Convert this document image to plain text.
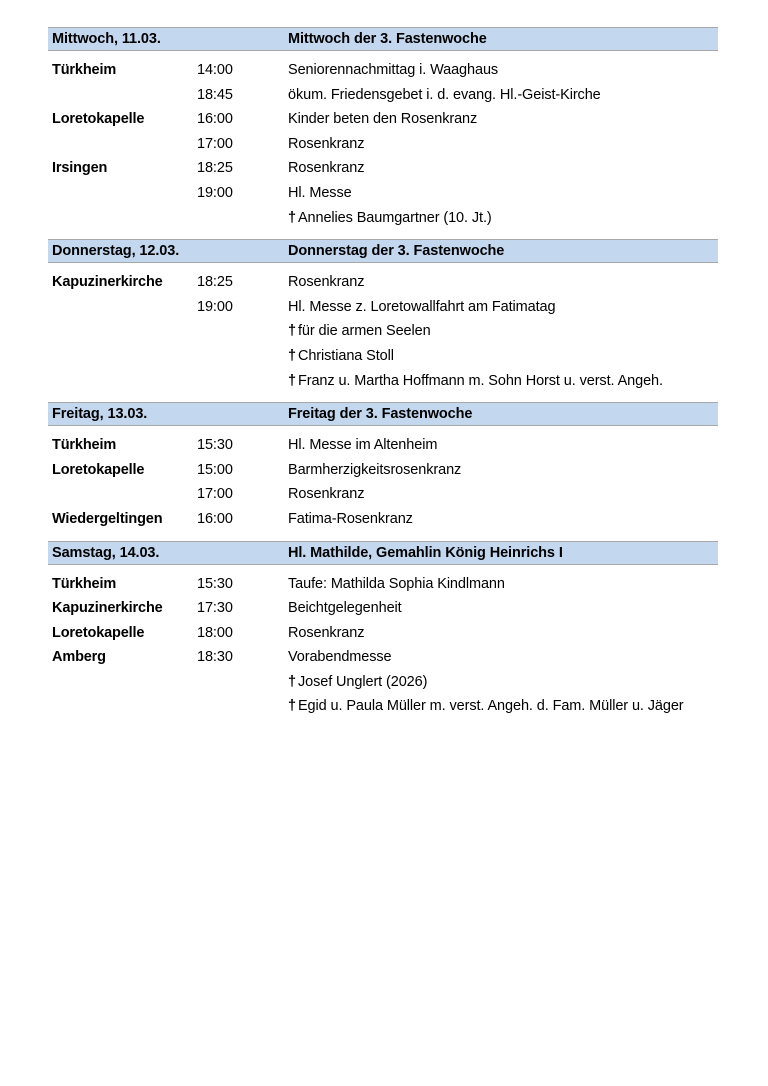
Mittwoch, 11.03.	Mittwoch der 3. Fastenwoche
Türkheim	14:00	Seniorennachmittag i. Waaghaus
18:45	ökum. Friedensgebet i. d. evang. Hl.-Geist-Kirche
Loretokapelle	16:00	Kinder beten den Rosenkranz
17:00	Rosenkranz
Irsingen	18:25	Rosenkranz
19:00	Hl. Messe
† Annelies Baumgartner (10. Jt.)
Donnerstag, 12.03.	Donnerstag der 3. Fastenwoche
Kapuzinerkirche	18:25	Rosenkranz
19:00	Hl. Messe z. Loretowallfahrt am Fatimatag
† für die armen Seelen
† Christiana Stoll
† Franz u. Martha Hoffmann m. Sohn Horst u. verst. Angeh.
Freitag, 13.03.	Freitag der 3. Fastenwoche
Türkheim	15:30	Hl. Messe im Altenheim
Loretokapelle	15:00	Barmherzigkeitsrosenkranz
17:00	Rosenkranz
Wiedergeltingen	16:00	Fatima-Rosenkranz
Samstag, 14.03.	Hl. Mathilde, Gemahlin König Heinrichs I
Türkheim	15:30	Taufe: Mathilda Sophia Kindlmann
Kapuzinerkirche	17:30	Beichtgelegenheit
Loretokapelle	18:00	Rosenkranz
Amberg	18:30	Vorabendmesse
† Josef Unglert (2026)
† Egid u. Paula Müller m. verst. Angeh. d. Fam. Müller u. Jäger
